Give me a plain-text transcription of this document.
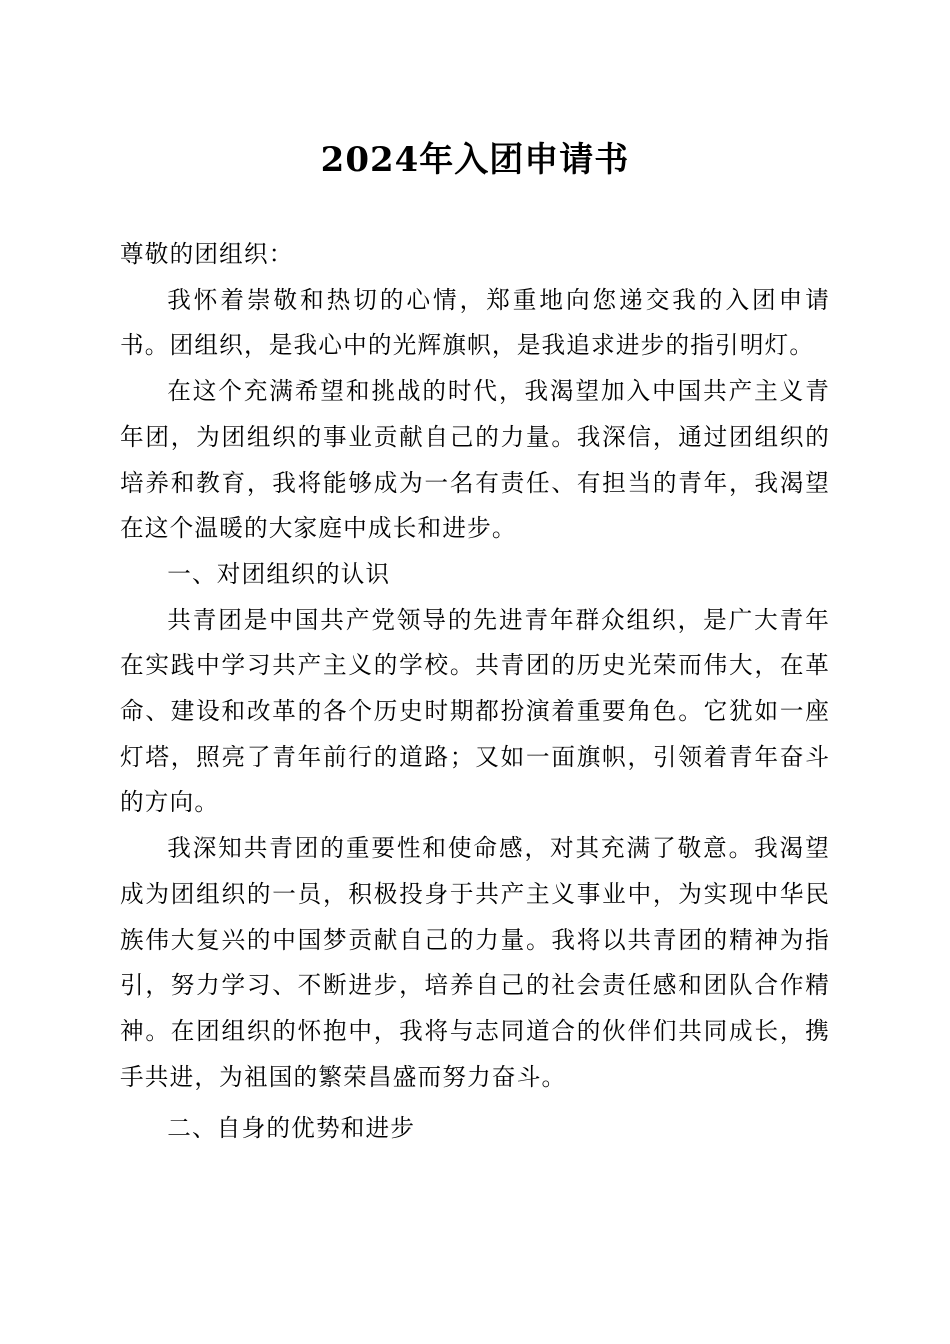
2024年入团申请书

尊敬的团组织：

我怀着崇敬和热切的心情，郑重地向您递交我的入团申请书。团组织，是我心中的光辉旗帜，是我追求进步的指引明灯。

在这个充满希望和挑战的时代，我渴望加入中国共产主义青年团，为团组织的事业贡献自己的力量。我深信，通过团组织的培养和教育，我将能够成为一名有责任、有担当的青年，我渴望在这个温暖的大家庭中成长和进步。

一、对团组织的认识

共青团是中国共产党领导的先进青年群众组织，是广大青年在实践中学习共产主义的学校。共青团的历史光荣而伟大，在革命、建设和改革的各个历史时期都扮演着重要角色。它犹如一座灯塔，照亮了青年前行的道路；又如一面旗帜，引领着青年奋斗的方向。

我深知共青团的重要性和使命感，对其充满了敬意。我渴望成为团组织的一员，积极投身于共产主义事业中，为实现中华民族伟大复兴的中国梦贡献自己的力量。我将以共青团的精神为指引，努力学习、不断进步，培养自己的社会责任感和团队合作精神。在团组织的怀抱中，我将与志同道合的伙伴们共同成长，携手共进，为祖国的繁荣昌盛而努力奋斗。

二、自身的优势和进步
